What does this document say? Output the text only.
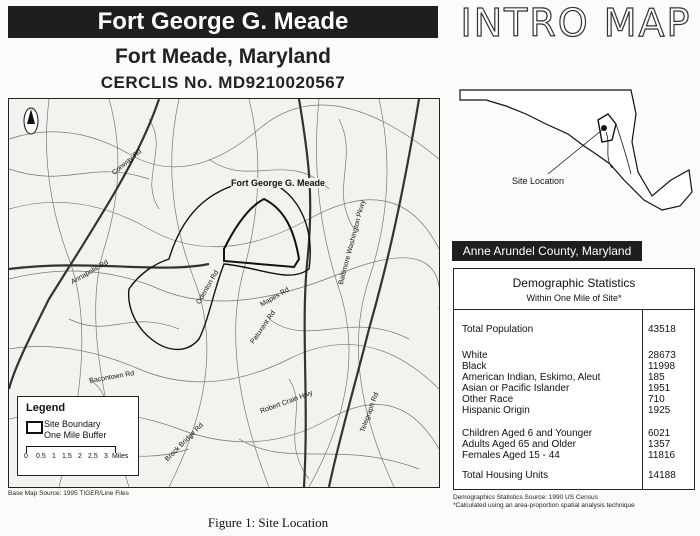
Fort George G. Meade	INTRO MAP
Fort Meade, Maryland
CERCLIS No. MD9210020567
Fort George G. Meade
Annapolis Rd	Baltimore Washington Pkwy
Patuxent Rd
Robert Crain Hwy
Brock Bridge Rd
Bacontown Rd
Conway Rd
Telegraph Rd
Odenton Rd	Mapes Rd
Legend
Site Boundary
One Mile Buffer
0 0.5 1 1.5 2 2.5 3 Miles
Base Map Source: 1995 TIGER/Line Files
Site Location
Anne Arundel County, Maryland
Demographic Statistics
Within One Mile of Site*
Total Population	43518
White	28673
Black	11998
American Indian, Eskimo, Aleut	185
Asian or Pacific Islander	1951
Other Race	710
Hispanic Origin	1925
Children Aged 6 and Younger	6021
Adults Aged 65 and Older	1357
Females Aged 15 - 44	11816
Total Housing Units	14188
Demographics Statistics Source: 1990 US Census
*Calculated using an area-proportion spatial analysis technique
Figure 1: Site Location
